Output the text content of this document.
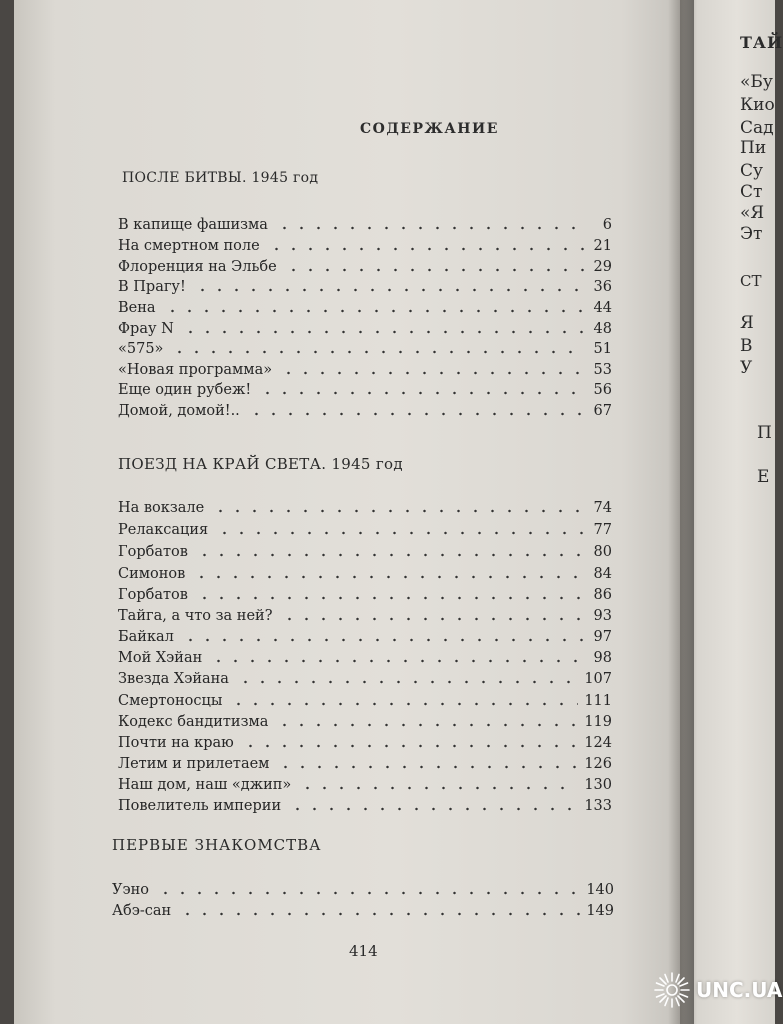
ТАЙ
«Бу
Кио
Сад
Пи
Су
Ст
«Я
Эт
СТ
Я
В
У
П
Е
СОДЕРЖАНИЕ
ПОСЛЕ БИТВЫ. 1945 год
В капище фашизма	6
На смертном поле	21
Флоренция на Эльбе	29
В Прагу!	36
Вена	44
Фрау N	48
«575»	51
«Новая программа»	53
Еще один рубеж!	56
Домой, домой!..	67
ПОЕЗД НА КРАЙ СВЕТА. 1945 год
На вокзале	74
Релаксация	77
Горбатов	80
Симонов	84
Горбатов	86
Тайга, а что за ней?	93
Байкал	97
Мой Хэйан	98
Звезда Хэйана	107
Смертоносцы	111
Кодекс бандитизма	119
Почти на краю	124
Летим и прилетаем	126
Наш дом, наш «джип»	130
Повелитель империи	133
ПЕРВЫЕ ЗНАКОМСТВА
Уэно	140
Абэ-сан	149
414
UNC.UA
